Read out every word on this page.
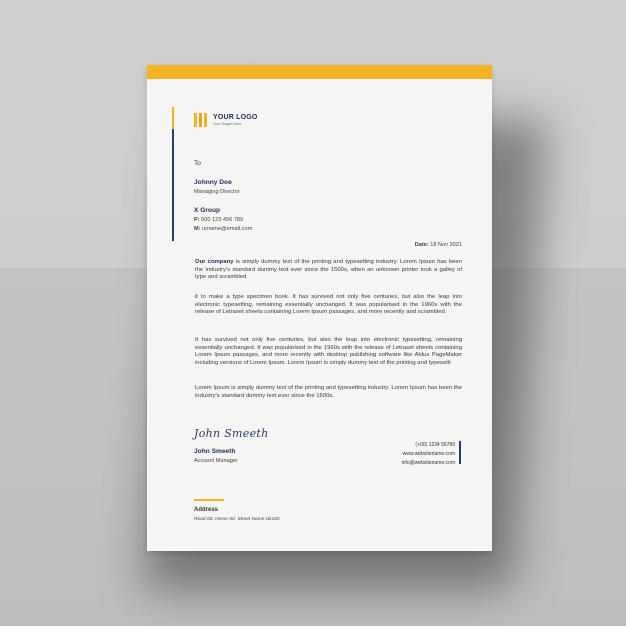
YOUR LOGO
Your Slogan Here
To
Johnny Doe
Managing Director
X Group
P: 000 123 456 789
M: urname@email.com
Date: 18 Nov 2021
Our company is simply dummy text of the printing and typesetting industry. Lorem Ipsum has been the industry's standard dummy text ever since the 1500s, when an unknown printer took a galley of type and scrambled
it to make a type specimen book. It has survived not only five centuries, but also the leap into electronic typesetting, remaining essentially unchanged. It was popularised in the 1960s with the release of Letraset sheets containing Lorem Ipsum passages, and more recently and scrambled.
It has survived not only five centuries, but also the leap into electronic typesetting, remaining essentially unchanged. It was popularised in the 1960s with the release of Letraset sheets containing Lorem Ipsum passages, and more recently with desktop publishing software like Aldus PageMaker including versions of Lorem Ipsum. Lorem Ipsum is simply dummy text of the printing and typesetti
Lorem Ipsum is simply dummy text of the printing and typesetting industry. Lorem Ipsum has been the industry's standard dummy text ever since the 1500s.
John Smeeth
John Smeeth
Account Manager
(+00) 1234 56789
www.websitename.com
info@websitename.com
Address
Road-00, Home-00, Street Name Uk165
